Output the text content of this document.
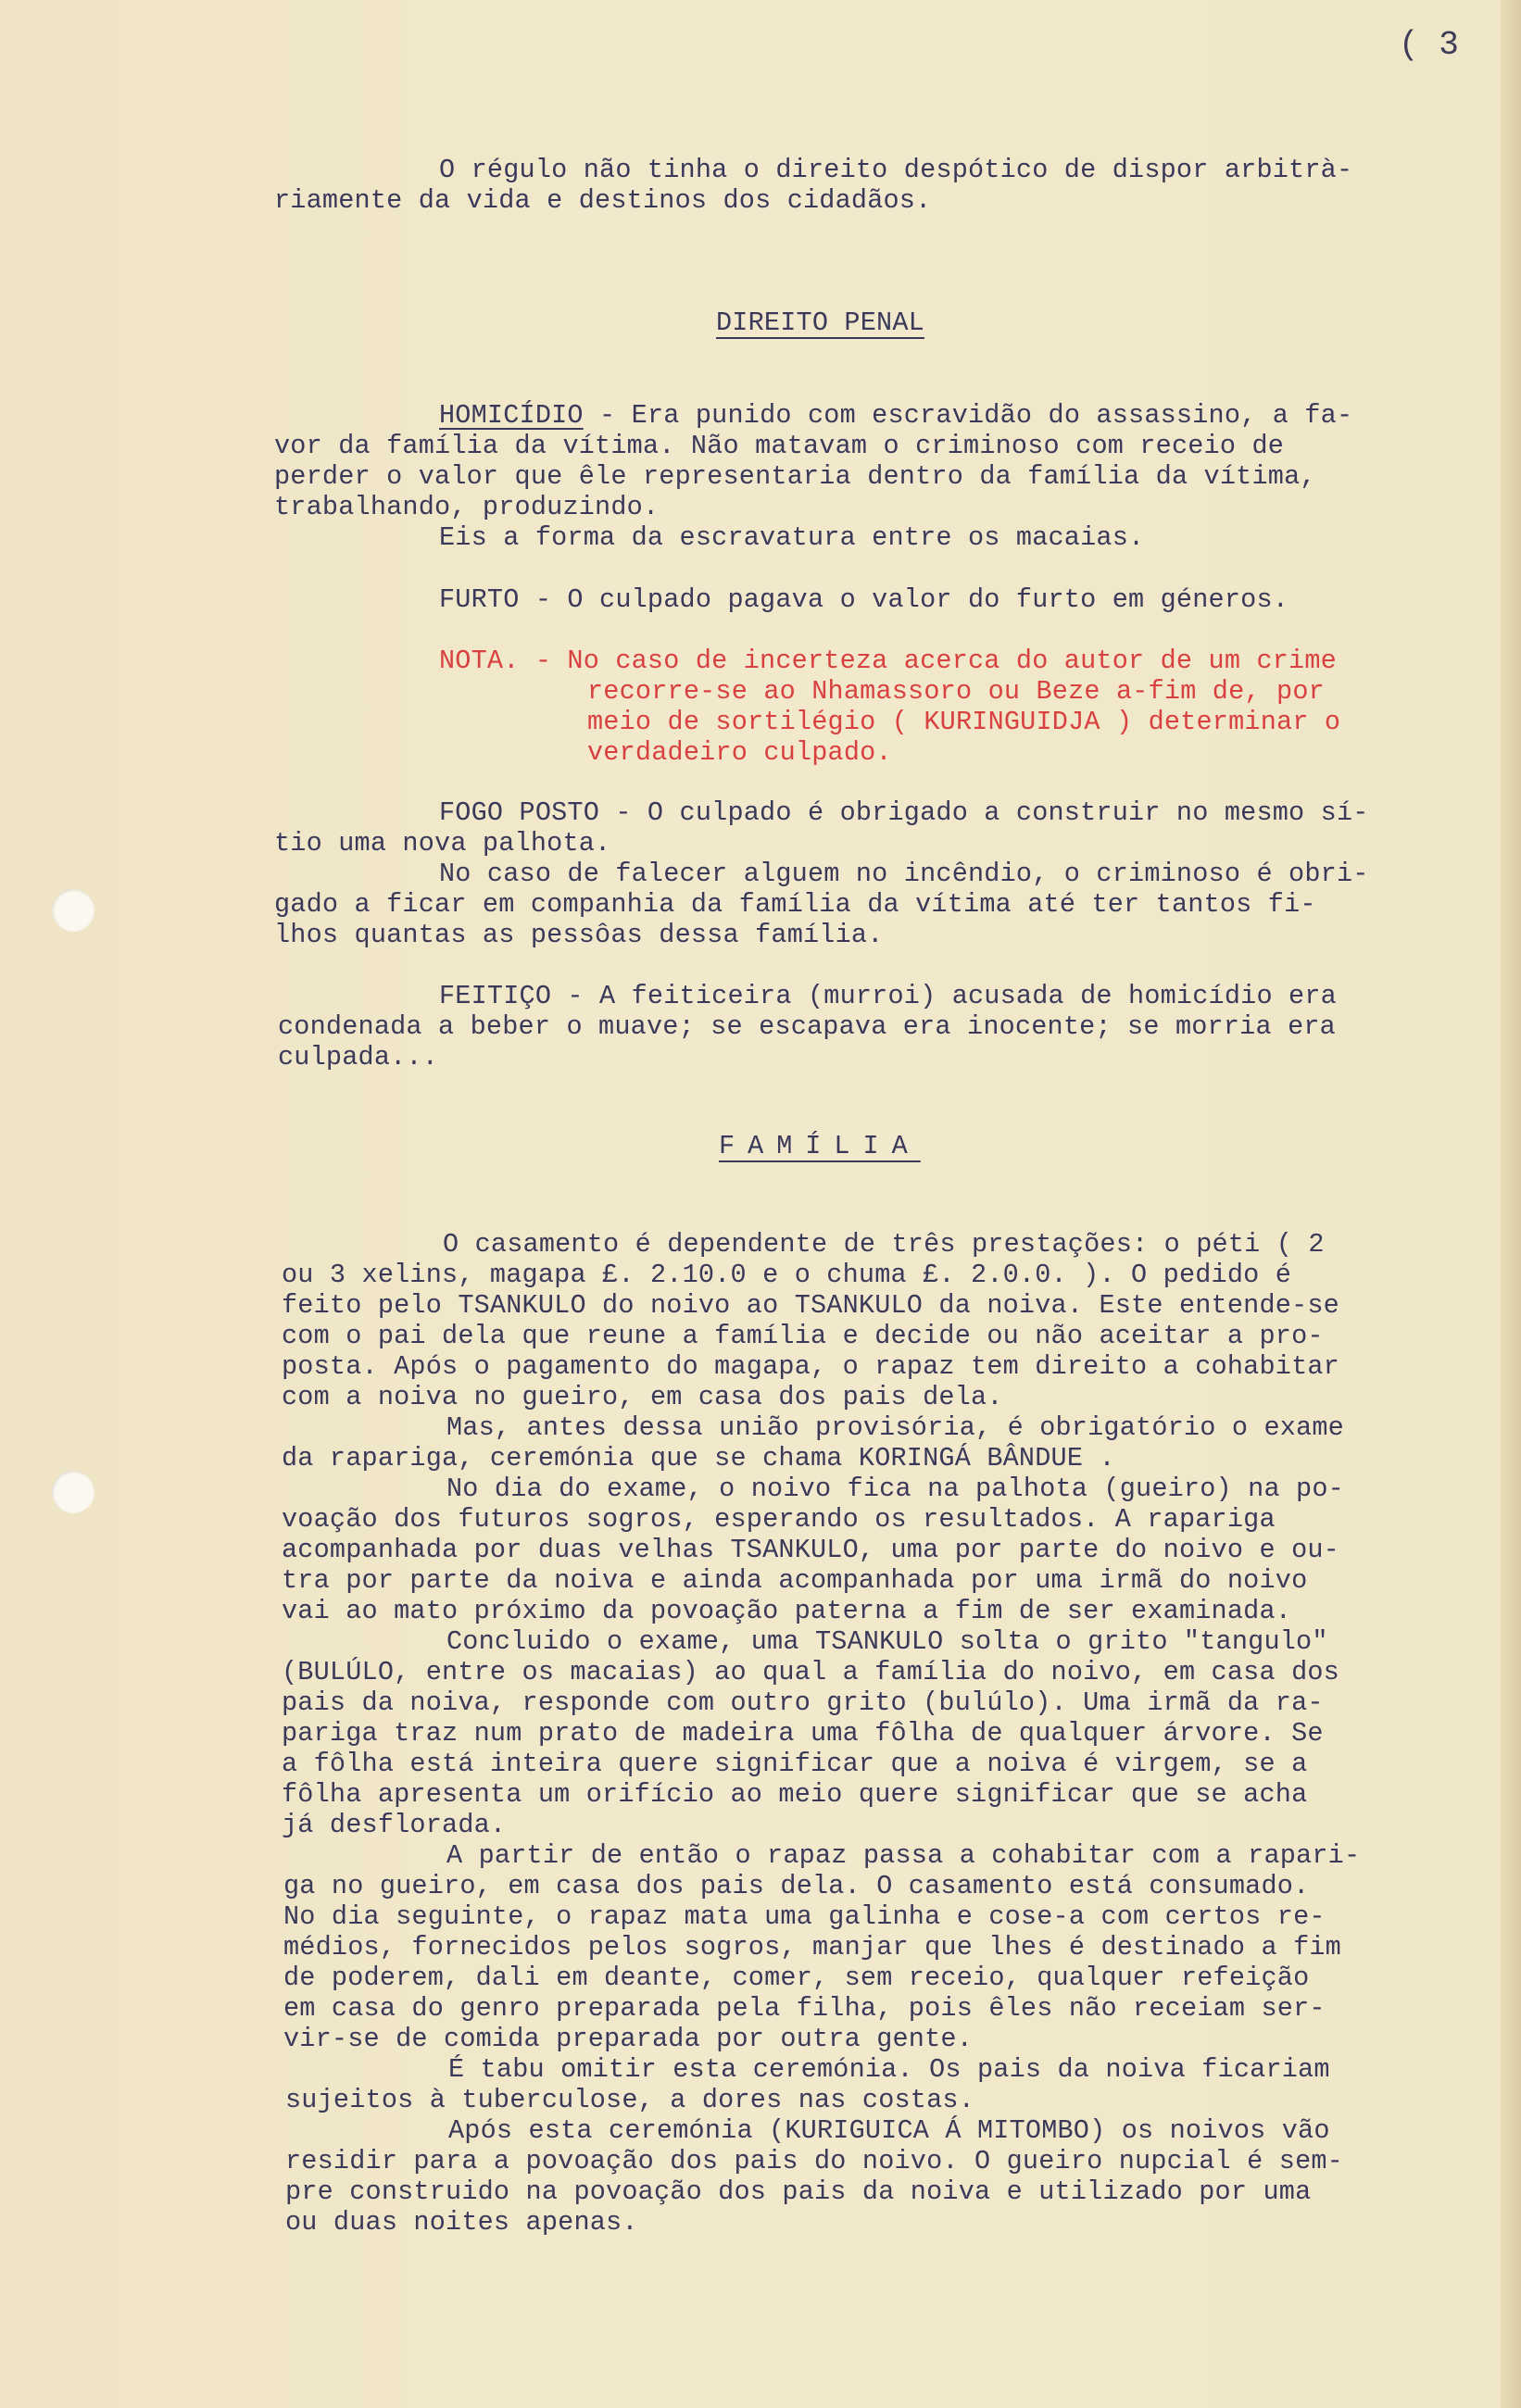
( 3
O régulo não tinha o direito despótico de dispor arbitrà-
riamente da vida e destinos dos cidadãos.
DIREITO PENAL
HOMICÍDIO - Era punido com escravidão do assassino, a fa-
vor da família da vítima. Não matavam o criminoso com receio de
perder o valor que êle representaria dentro da família da vítima,
trabalhando, produzindo.
Eis a forma da escravatura entre os macaias.
FURTO - O culpado pagava o valor do furto em géneros.
NOTA. - No caso de incerteza acerca do autor de um crime
recorre-se ao Nhamassoro ou Beze a-fim de, por
meio de sortilégio ( KURINGUIDJA ) determinar o
verdadeiro culpado.
FOGO POSTO - O culpado é obrigado a construir no mesmo sí-
tio uma nova palhota.
No caso de falecer alguem no incêndio, o criminoso é obri-
gado a ficar em companhia da família da vítima até ter tantos fi-
lhos quantas as pessôas dessa família.
FEITIÇO - A feiticeira (murroi) acusada de homicídio era
condenada a beber o muave; se escapava era inocente; se morria era
culpada...
FAMÍLIA
O casamento é dependente de três prestações: o péti ( 2
ou 3 xelins, magapa £. 2.10.0 e o chuma £. 2.0.0. ). O pedido é
feito pelo TSANKULO do noivo ao TSANKULO da noiva. Este entende-se
com o pai dela que reune a família e decide ou não aceitar a pro-
posta. Após o pagamento do magapa, o rapaz tem direito a cohabitar
com a noiva no gueiro, em casa dos pais dela.
Mas, antes dessa união provisória, é obrigatório o exame
da rapariga, ceremónia que se chama KORINGÁ BÂNDUE .
No dia do exame, o noivo fica na palhota (gueiro) na po-
voação dos futuros sogros, esperando os resultados. A rapariga
acompanhada por duas velhas TSANKULO, uma por parte do noivo e ou-
tra por parte da noiva e ainda acompanhada por uma irmã do noivo
vai ao mato próximo da povoação paterna a fim de ser examinada.
Concluido o exame, uma TSANKULO solta o grito "tangulo"
(BULÚLO, entre os macaias) ao qual a família do noivo, em casa dos
pais da noiva, responde com outro grito (bulúlo). Uma irmã da ra-
pariga traz num prato de madeira uma fôlha de qualquer árvore. Se
a fôlha está inteira quere significar que a noiva é virgem, se a
fôlha apresenta um orifício ao meio quere significar que se acha
já desflorada.
A partir de então o rapaz passa a cohabitar com a rapari-
ga no gueiro, em casa dos pais dela. O casamento está consumado.
No dia seguinte, o rapaz mata uma galinha e cose-a com certos re-
médios, fornecidos pelos sogros, manjar que lhes é destinado a fim
de poderem, dali em deante, comer, sem receio, qualquer refeição
em casa do genro preparada pela filha, pois êles não receiam ser-
vir-se de comida preparada por outra gente.
É tabu omitir esta ceremónia. Os pais da noiva ficariam
sujeitos à tuberculose, a dores nas costas.
Após esta ceremónia (KURIGUICA Á MITOMBO) os noivos vão
residir para a povoação dos pais do noivo. O gueiro nupcial é sem-
pre construido na povoação dos pais da noiva e utilizado por uma
ou duas noites apenas.
